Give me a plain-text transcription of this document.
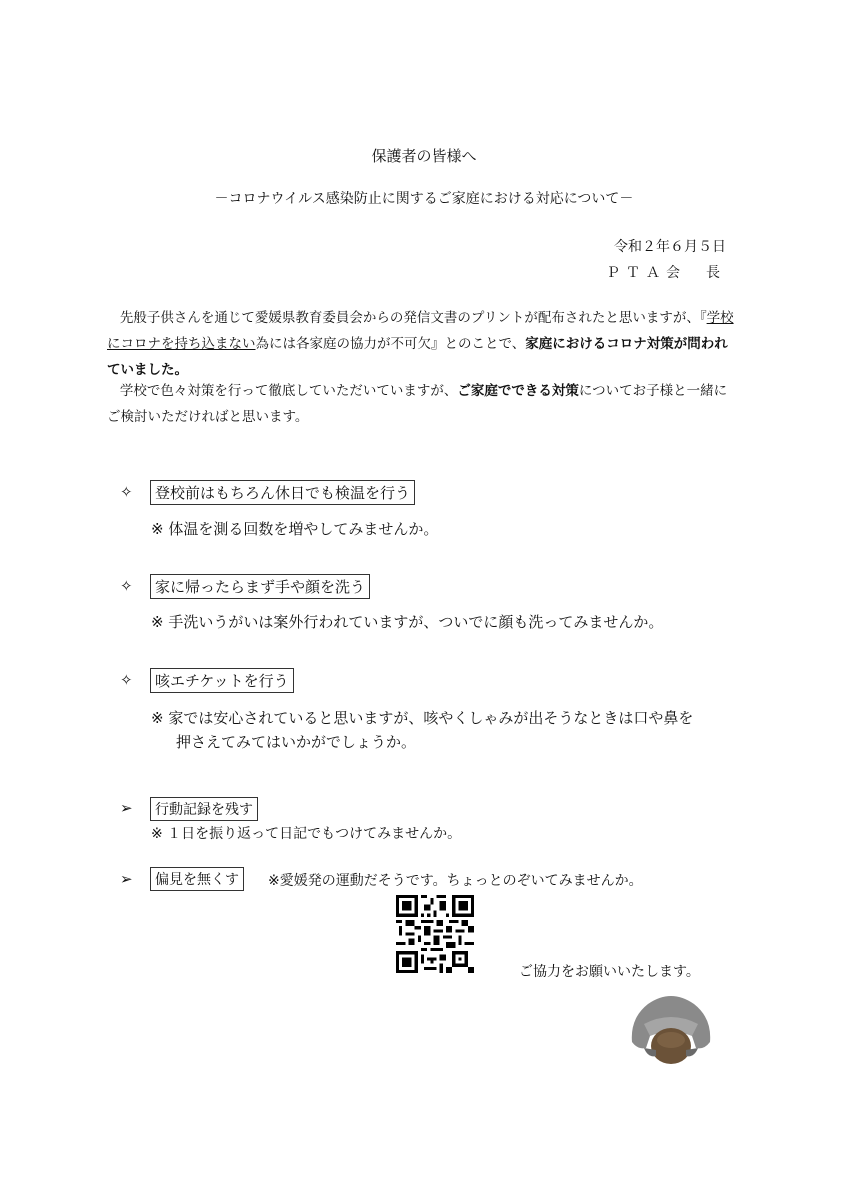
保護者の皆様へ
－コロナウイルス感染防止に関するご家庭における対応について－
令和２年６月５日
ＰＴＡ会　長
先般子供さんを通じて愛媛県教育委員会からの発信文書のプリントが配布されたと思いますが、『学校にコロナを持ち込まない為には各家庭の協力が不可欠』とのことで、家庭におけるコロナ対策が問われていました。
学校で色々対策を行って徹底していただいていますが、ご家庭でできる対策についてお子様と一緒にご検討いただければと思います。
✧	登校前はもちろん休日でも検温を行う
※ 体温を測る回数を増やしてみませんか。
✧	家に帰ったらまず手や顔を洗う
※ 手洗いうがいは案外行われていますが、ついでに顔も洗ってみませんか。
✧	咳エチケットを行う
※ 家では安心されていると思いますが、咳やくしゃみが出そうなときは口や鼻を
押さえてみてはいかがでしょうか。
➢	行動記録を残す
※ １日を振り返って日記でもつけてみませんか。
➢	偏見を無くす	※愛媛発の運動だそうです。ちょっとのぞいてみませんか。
ご協力をお願いいたします。
